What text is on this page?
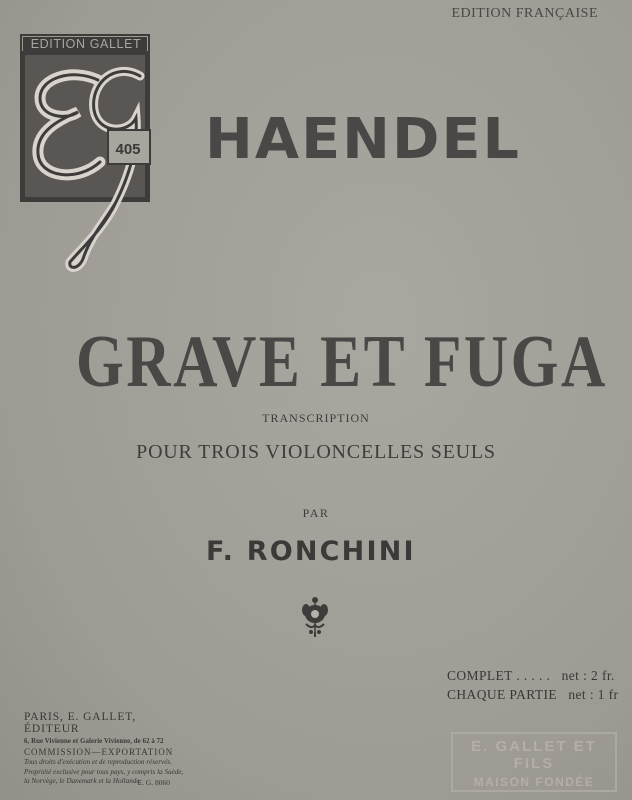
EDITION FRANÇAISE
EDITION GALLET
405 HAENDEL
GRAVE ET FUGA
TRANSCRIPTION
POUR TROIS VIOLONCELLES SEULS
PAR
F. RONCHINI
COMPLET . . . . .   net : 2 fr.
CHAQUE PARTIE   net : 1 fr
PARIS, E. GALLET, ÉDITEUR
6, Rue Vivienne et Galerie Vivienne, de 62 à 72
COMMISSION—EXPORTATION
Tous droits d'exécution et de reproduction réservés. Propriété exclusive pour tous pays, y compris la Suède, la Norvège, le Danemark et la Hollande.
E. G. 8060
E. GALLET ET FILS
MAISON FONDÉE
